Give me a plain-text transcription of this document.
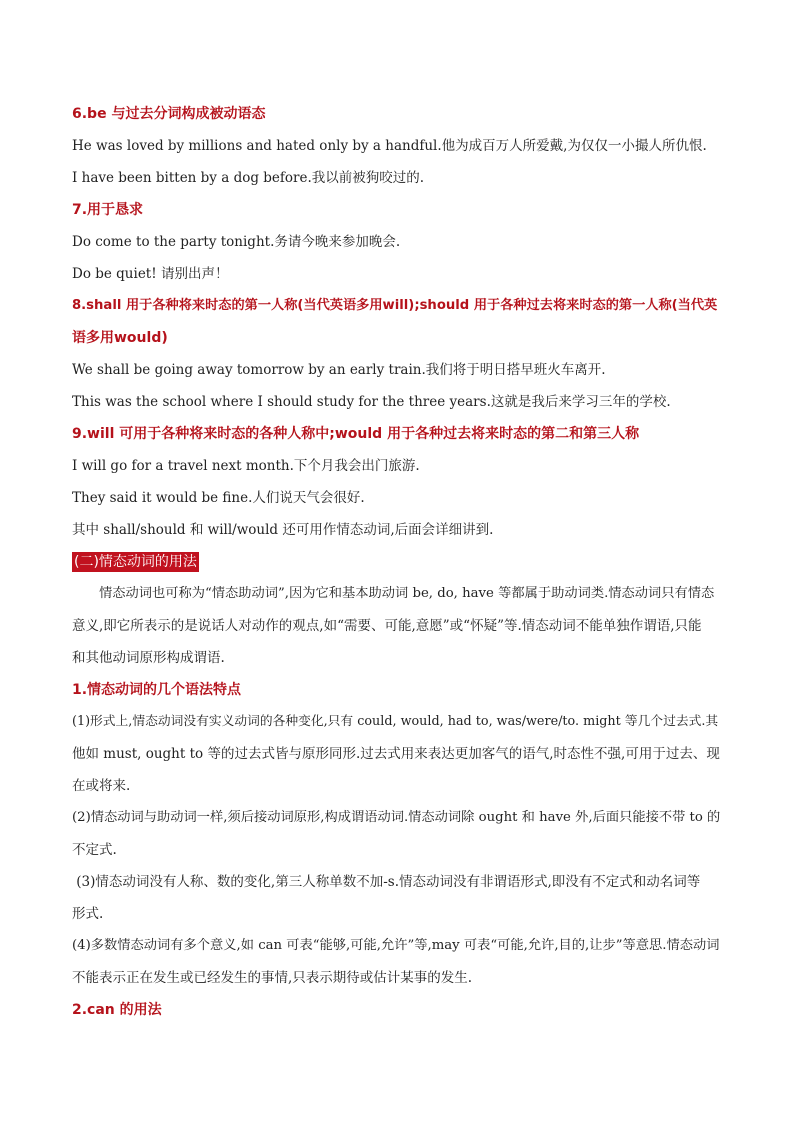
6.be 与过去分词构成被动语态
He was loved by millions and hated only by a handful.他为成百万人所爱戴,为仅仅一小撮人所仇恨.
I have been bitten by a dog before.我以前被狗咬过的.
7.用于恳求
Do come to the party tonight.务请今晚来参加晚会.
Do be quiet! 请别出声！
8.shall 用于各种将来时态的第一人称(当代英语多用will);should 用于各种过去将来时态的第一人称(当代英
语多用would)
We shall be going away tomorrow by an early train.我们将于明日搭早班火车离开.
This was the school where I should study for the three years.这就是我后来学习三年的学校.
9.will 可用于各种将来时态的各种人称中;would 用于各种过去将来时态的第二和第三人称
I will go for a travel next month.下个月我会出门旅游.
They said it would be fine.人们说天气会很好.
其中 shall/should 和 will/would 还可用作情态动词,后面会详细讲到.
(二)情态动词的用法
情态动词也可称为“情态助动词”,因为它和基本助动词 be, do, have 等都属于助动词类.情态动词只有情态
意义,即它所表示的是说话人对动作的观点,如“需要、可能,意愿”或“怀疑”等.情态动词不能单独作谓语,只能
和其他动词原形构成谓语.
1.情态动词的几个语法特点
(1)形式上,情态动词没有实义动词的各种变化,只有 could, would, had to, was/were/to. might 等几个过去式.其
他如 must, ought to 等的过去式皆与原形同形.过去式用来表达更加客气的语气,时态性不强,可用于过去、现
在或将来.
(2)情态动词与助动词一样,须后接动词原形,构成谓语动词.情态动词除 ought 和 have 外,后面只能接不带 to 的
不定式.
(3)情态动词没有人称、数的变化,第三人称单数不加-s.情态动词没有非谓语形式,即没有不定式和动名词等
形式.
(4)多数情态动词有多个意义,如 can 可表“能够,可能,允许”等,may 可表“可能,允许,目的,让步”等意思.情态动词
不能表示正在发生或已经发生的事情,只表示期待或估计某事的发生.
2.can 的用法
